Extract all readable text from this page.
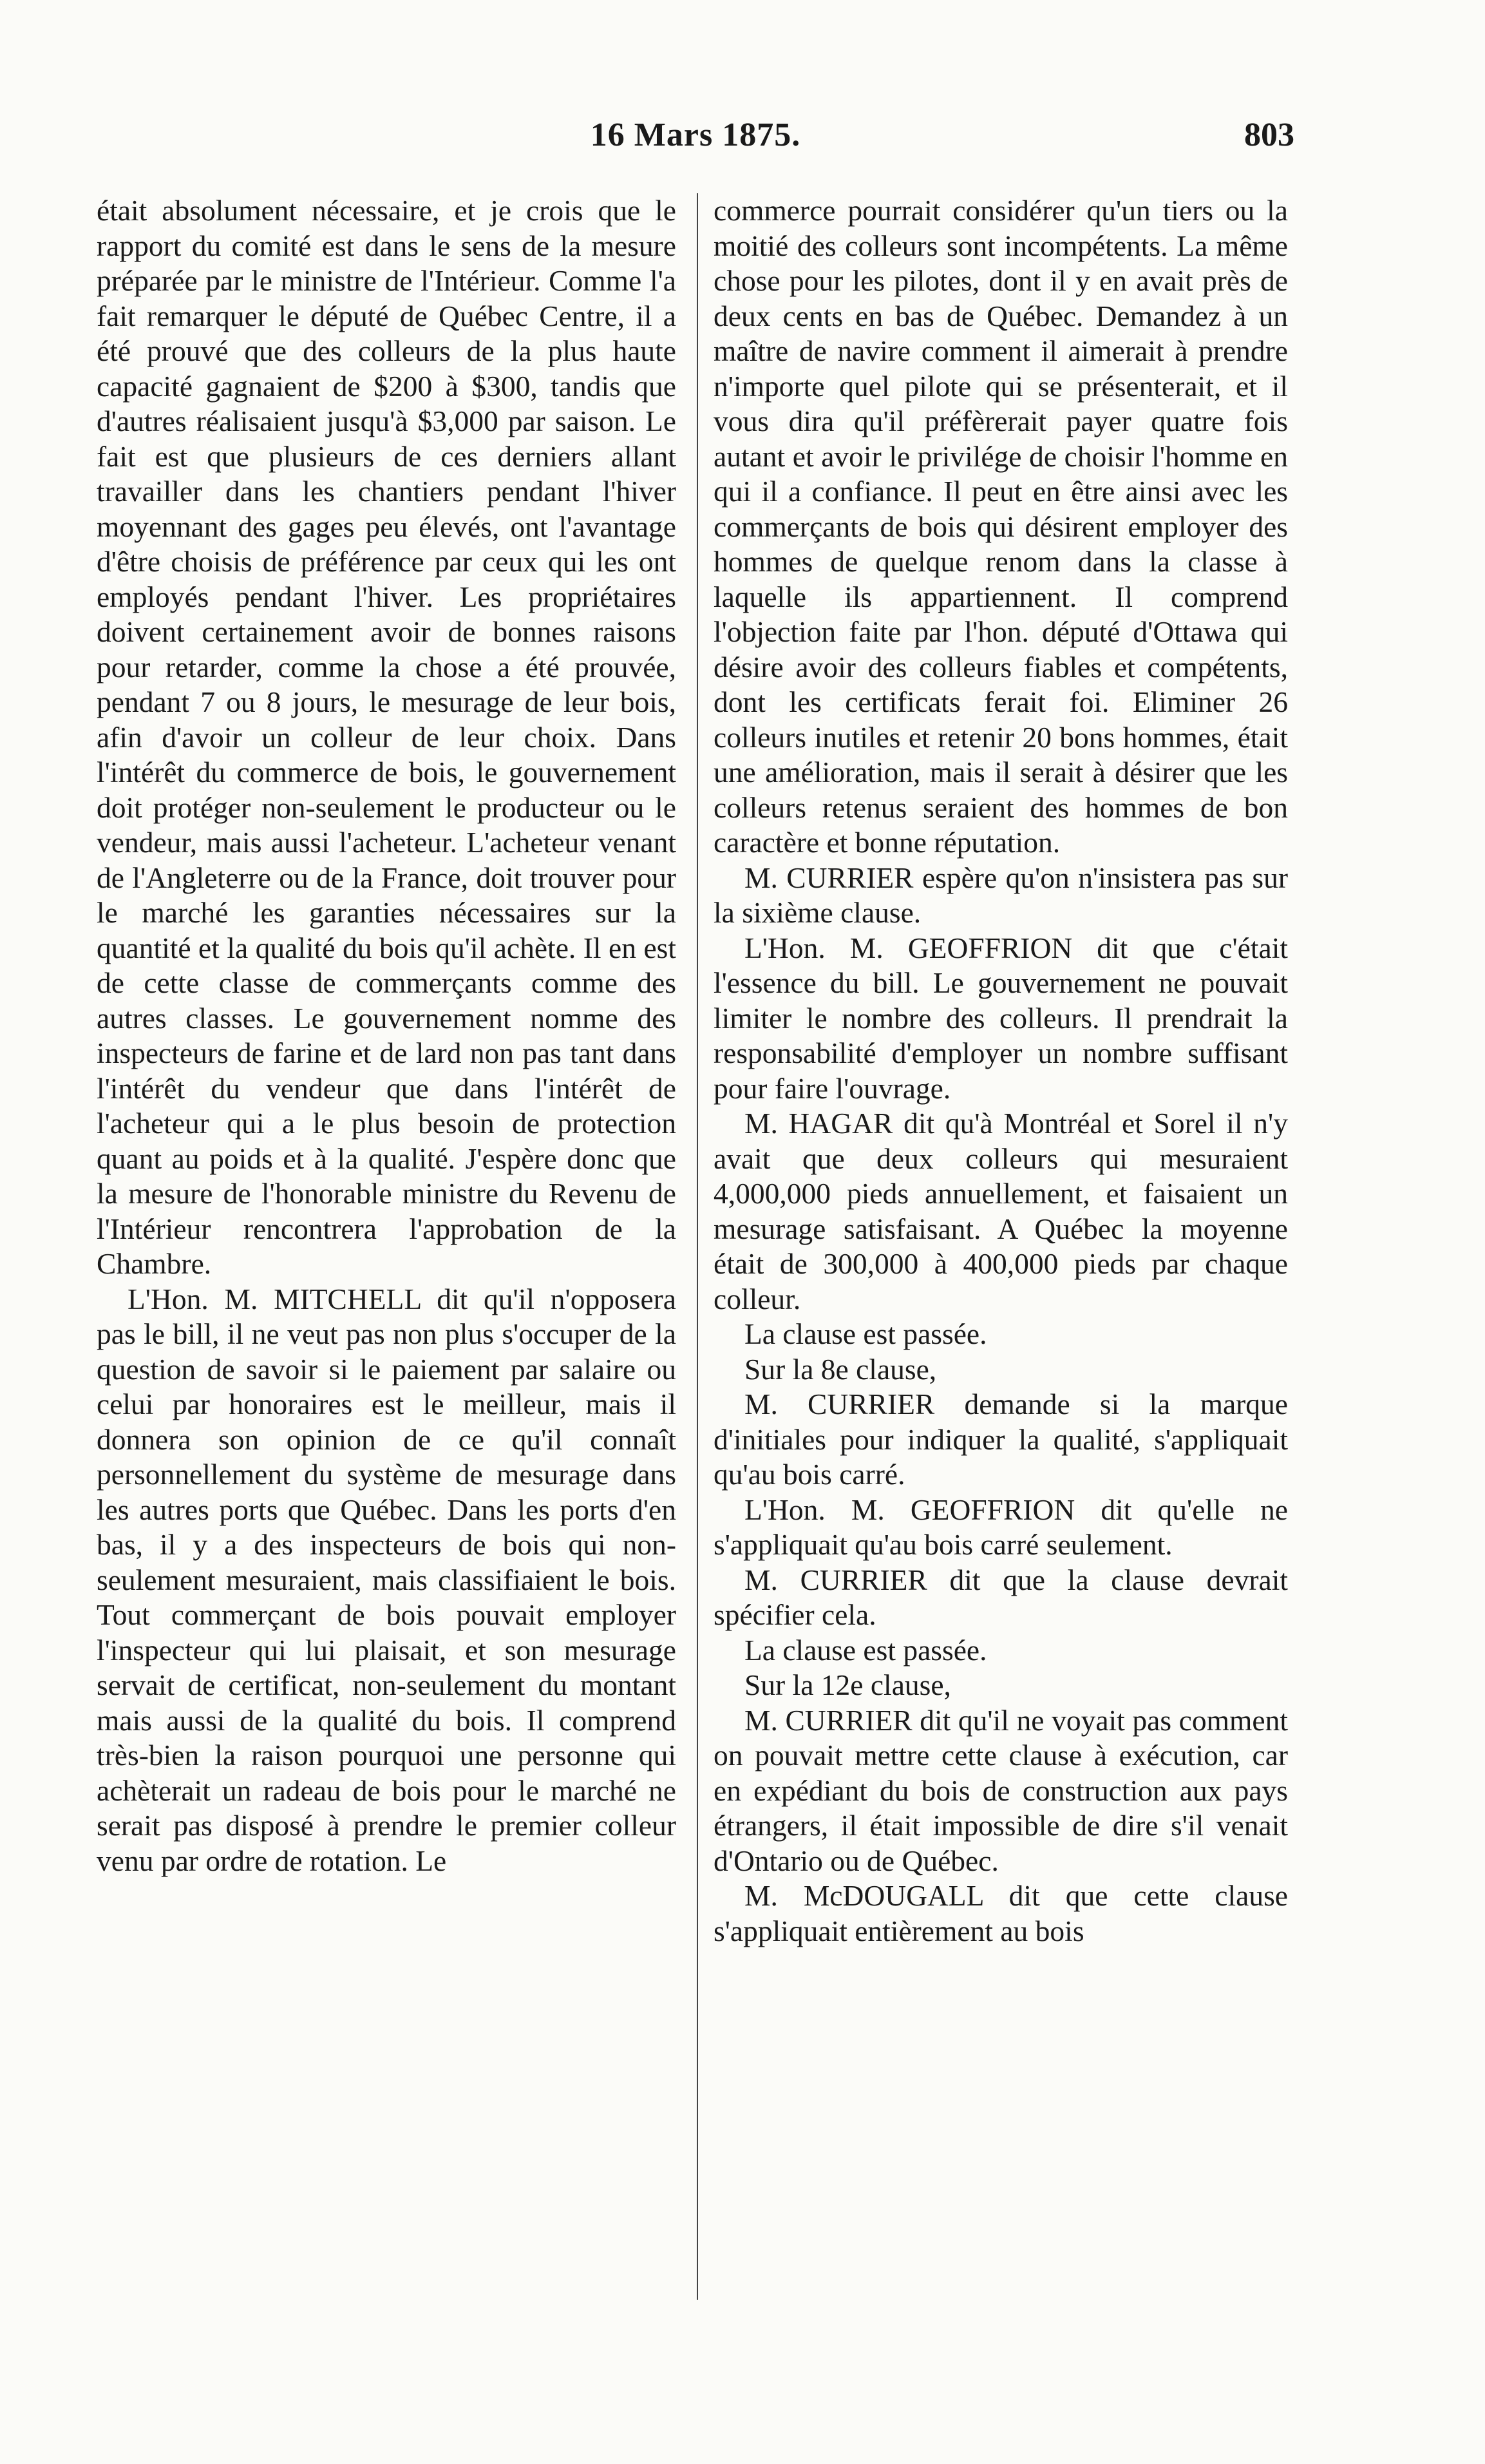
16 Mars 1875.	803

était absolument nécessaire, et je crois que le rapport du comité est dans le sens de la mesure préparée par le ministre de l'Intérieur. Comme l'a fait remarquer le député de Québec Centre, il a été prouvé que des colleurs de la plus haute capacité gagnaient de $200 à $300, tandis que d'autres réalisaient jusqu'à $3,000 par saison. Le fait est que plusieurs de ces derniers allant travailler dans les chantiers pendant l'hiver moyennant des gages peu élevés, ont l'avantage d'être choisis de préférence par ceux qui les ont employés pendant l'hiver. Les propriétaires doivent certainement avoir de bonnes raisons pour retarder, comme la chose a été prouvée, pendant 7 ou 8 jours, le mesurage de leur bois, afin d'avoir un colleur de leur choix. Dans l'intérêt du commerce de bois, le gouvernement doit protéger non-seulement le producteur ou le vendeur, mais aussi l'acheteur. L'acheteur venant de l'Angleterre ou de la France, doit trouver pour le marché les garanties nécessaires sur la quantité et la qualité du bois qu'il achète. Il en est de cette classe de commerçants comme des autres classes. Le gouvernement nomme des inspecteurs de farine et de lard non pas tant dans l'intérêt du vendeur que dans l'intérêt de l'acheteur qui a le plus besoin de protection quant au poids et à la qualité. J'espère donc que la mesure de l'honorable ministre du Revenu de l'Intérieur rencontrera l'approbation de la Chambre.

L'Hon. M. MITCHELL dit qu'il n'opposera pas le bill, il ne veut pas non plus s'occuper de la question de savoir si le paiement par salaire ou celui par honoraires est le meilleur, mais il donnera son opinion de ce qu'il connaît personnellement du système de mesurage dans les autres ports que Québec. Dans les ports d'en bas, il y a des inspecteurs de bois qui non-seulement mesuraient, mais classifiaient le bois. Tout commerçant de bois pouvait employer l'inspecteur qui lui plaisait, et son mesurage servait de certificat, non-seulement du montant mais aussi de la qualité du bois. Il comprend très-bien la raison pourquoi une personne qui achèterait un radeau de bois pour le marché ne serait pas disposé à prendre le premier colleur venu par ordre de rotation. Le

commerce pourrait considérer qu'un tiers ou la moitié des colleurs sont incompétents. La même chose pour les pilotes, dont il y en avait près de deux cents en bas de Québec. Demandez à un maître de navire comment il aimerait à prendre n'importe quel pilote qui se présenterait, et il vous dira qu'il préfèrerait payer quatre fois autant et avoir le privilége de choisir l'homme en qui il a confiance. Il peut en être ainsi avec les commerçants de bois qui désirent employer des hommes de quelque renom dans la classe à laquelle ils appartiennent. Il comprend l'objection faite par l'hon. député d'Ottawa qui désire avoir des colleurs fiables et compétents, dont les certificats ferait foi. Eliminer 26 colleurs inutiles et retenir 20 bons hommes, était une amélioration, mais il serait à désirer que les colleurs retenus seraient des hommes de bon caractère et bonne réputation.

M. CURRIER espère qu'on n'insistera pas sur la sixième clause.

L'Hon. M. GEOFFRION dit que c'était l'essence du bill. Le gouvernement ne pouvait limiter le nombre des colleurs. Il prendrait la responsabilité d'employer un nombre suffisant pour faire l'ouvrage.

M. HAGAR dit qu'à Montréal et Sorel il n'y avait que deux colleurs qui mesuraient 4,000,000 pieds annuellement, et faisaient un mesurage satisfaisant. A Québec la moyenne était de 300,000 à 400,000 pieds par chaque colleur.

La clause est passée.

Sur la 8e clause,

M. CURRIER demande si la marque d'initiales pour indiquer la qualité, s'appliquait qu'au bois carré.

L'Hon. M. GEOFFRION dit qu'elle ne s'appliquait qu'au bois carré seulement.

M. CURRIER dit que la clause devrait spécifier cela.

La clause est passée.

Sur la 12e clause,

M. CURRIER dit qu'il ne voyait pas comment on pouvait mettre cette clause à exécution, car en expédiant du bois de construction aux pays étrangers, il était impossible de dire s'il venait d'Ontario ou de Québec.

M. McDOUGALL dit que cette clause s'appliquait entièrement au bois
